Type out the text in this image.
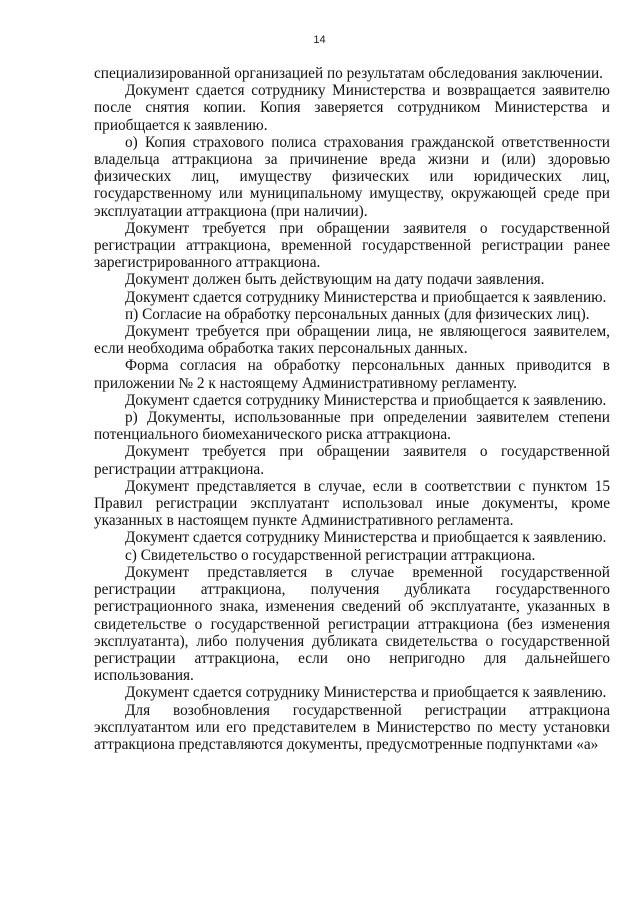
14

специализированной организацией по результатам обследования заключении.

Документ сдается сотруднику Министерства и возвращается заявителю после снятия копии. Копия заверяется сотрудником Министерства и приобщается к заявлению.

о) Копия страхового полиса страхования гражданской ответственности владельца аттракциона за причинение вреда жизни и (или) здоровью физических лиц, имуществу физических или юридических лиц, государственному или муниципальному имуществу, окружающей среде при эксплуатации аттракциона (при наличии).

Документ требуется при обращении заявителя о государственной регистрации аттракциона, временной государственной регистрации ранее зарегистрированного аттракциона.

Документ должен быть действующим на дату подачи заявления.

Документ сдается сотруднику Министерства и приобщается к заявлению.

п) Согласие на обработку персональных данных (для физических лиц).

Документ требуется при обращении лица, не являющегося заявителем, если необходима обработка таких персональных данных.

Форма согласия на обработку персональных данных приводится в приложении № 2 к настоящему Административному регламенту.

Документ сдается сотруднику Министерства и приобщается к заявлению.

р) Документы, использованные при определении заявителем степени потенциального биомеханического риска аттракциона.

Документ требуется при обращении заявителя о государственной регистрации аттракциона.

Документ представляется в случае, если в соответствии с пунктом 15 Правил регистрации эксплуатант использовал иные документы, кроме указанных в настоящем пункте Административного регламента.

Документ сдается сотруднику Министерства и приобщается к заявлению.

с) Свидетельство о государственной регистрации аттракциона.

Документ представляется в случае временной государственной регистрации аттракциона, получения дубликата государственного регистрационного знака, изменения сведений об эксплуатанте, указанных в свидетельстве о государственной регистрации аттракциона (без изменения эксплуатанта), либо получения дубликата свидетельства о государственной регистрации аттракциона, если оно непригодно для дальнейшего использования.

Документ сдается сотруднику Министерства и приобщается к заявлению.

Для возобновления государственной регистрации аттракциона эксплуатантом или его представителем в Министерство по месту установки аттракциона представляются документы, предусмотренные подпунктами «а»
